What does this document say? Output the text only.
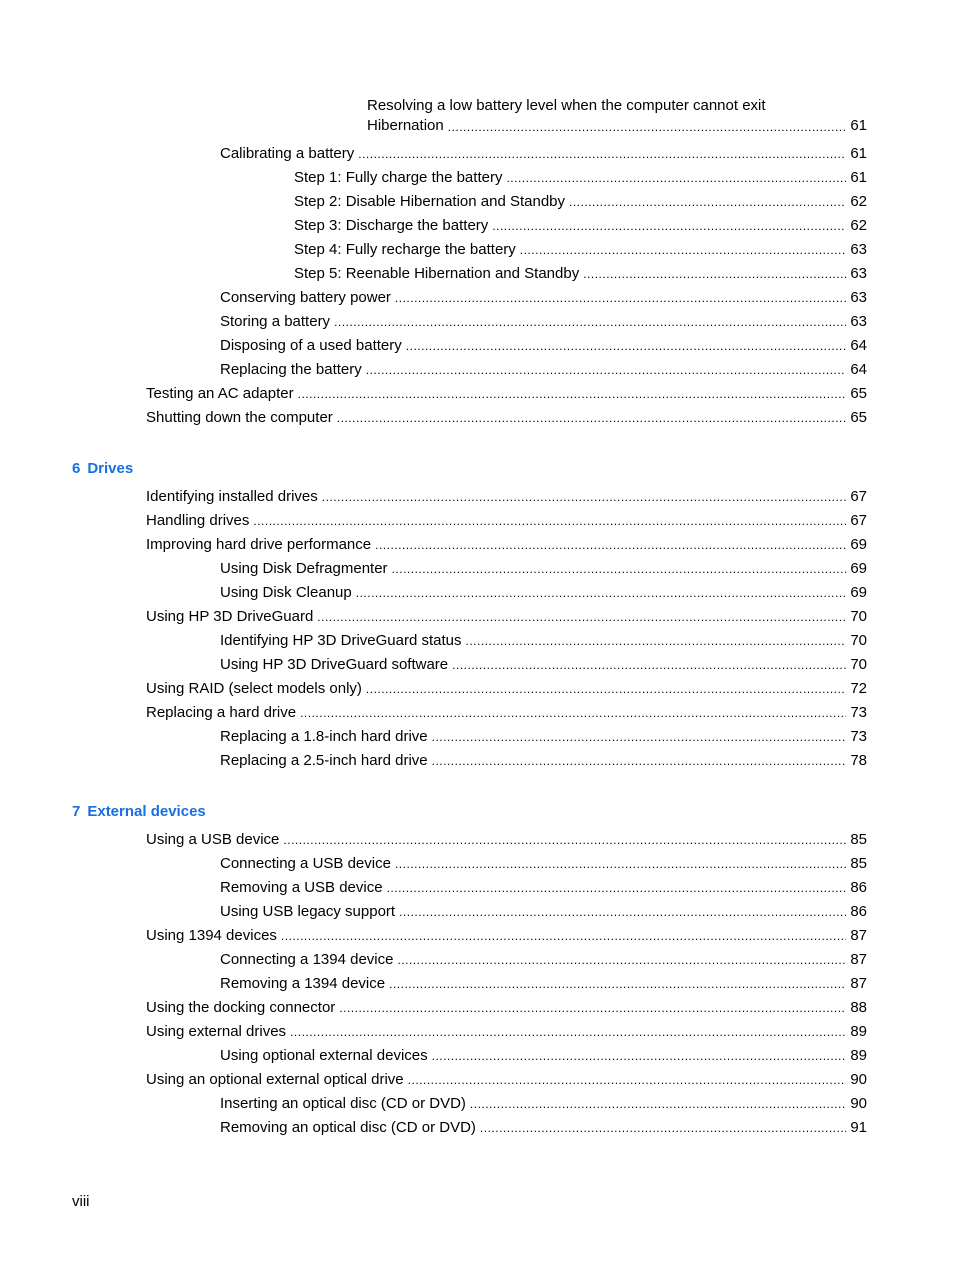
Resolving a low battery level when the computer cannot exit
Hibernation .....	61
Calibrating a battery .....	61
Step 1: Fully charge the battery .....	61
Step 2: Disable Hibernation and Standby .....	62
Step 3: Discharge the battery .....	62
Step 4: Fully recharge the battery .....	63
Step 5: Reenable Hibernation and Standby .....	63
Conserving battery power .....	63
Storing a battery .....	63
Disposing of a used battery .....	64
Replacing the battery .....	64
Testing an AC adapter .....	65
Shutting down the computer .....	65
6 Drives
Identifying installed drives .....	67
Handling drives .....	67
Improving hard drive performance .....	69
Using Disk Defragmenter .....	69
Using Disk Cleanup .....	69
Using HP 3D DriveGuard .....	70
Identifying HP 3D DriveGuard status .....	70
Using HP 3D DriveGuard software .....	70
Using RAID (select models only) .....	72
Replacing a hard drive .....	73
Replacing a 1.8-inch hard drive .....	73
Replacing a 2.5-inch hard drive .....	78
7 External devices
Using a USB device .....	85
Connecting a USB device .....	85
Removing a USB device .....	86
Using USB legacy support .....	86
Using 1394 devices .....	87
Connecting a 1394 device .....	87
Removing a 1394 device .....	87
Using the docking connector .....	88
Using external drives .....	89
Using optional external devices .....	89
Using an optional external optical drive .....	90
Inserting an optical disc (CD or DVD) .....	90
Removing an optical disc (CD or DVD) .....	91
viii
